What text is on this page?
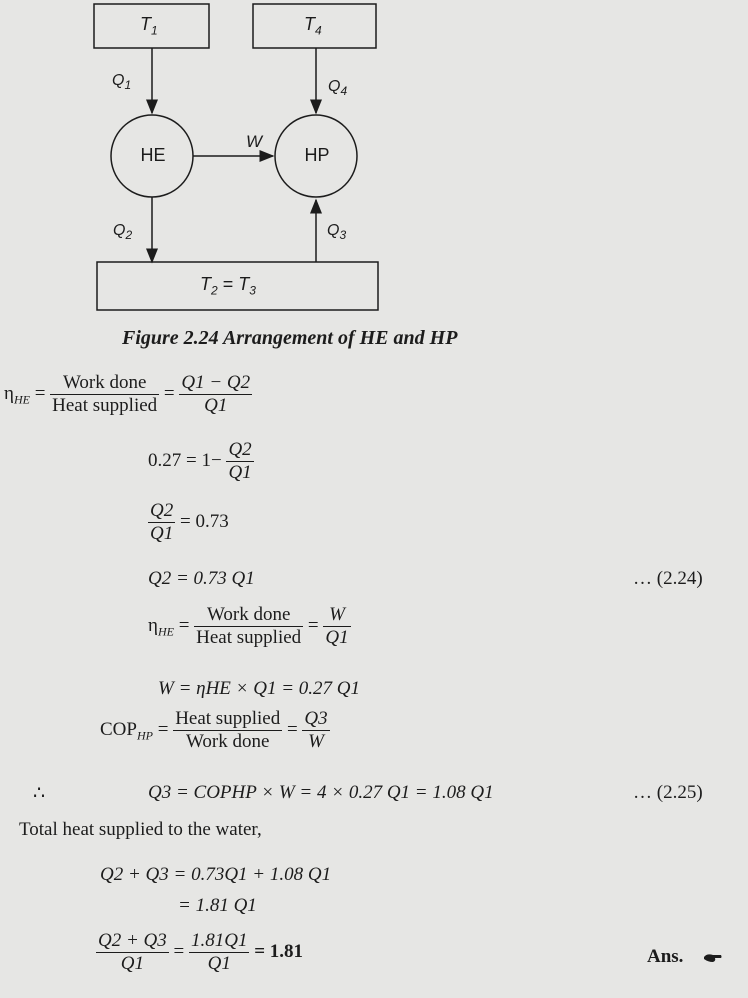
$T_1$	$T_4$
$Q_1$	$Q_4$
HE	HP
W
$Q_2$	$Q_3$
$T_2 = T_3$
Figure 2.24 Arrangement of HE and HP
$\eta_{HE} = \frac{\text{Work done}}{\text{Heat supplied}} = \frac{Q1 - Q2}{Q1}$
$0.27 = 1- \frac{Q2}{Q1}$
$\frac{Q2}{Q1} = 0.73$
Q2 = 0.73 Q1	… (2.24)
$\eta_{HE} = \frac{\text{Work done}}{\text{Heat supplied}} = \frac{W}{Q1}$
W = ηHE × Q1 = 0.27 Q1
$COP_{HP} = \frac{\text{Heat supplied}}{\text{Work done}} = \frac{Q3}{W}$
∴	Q3 = COPHP × W = 4 × 0.27 Q1 = 1.08 Q1	… (2.25)
Total heat supplied to the water,
Q2 + Q3 = 0.73Q1 + 1.08 Q1
= 1.81 Q1
$\frac{Q2 + Q3}{Q1} = \frac{1.81Q1}{Q1} = 1.81$	Ans.
